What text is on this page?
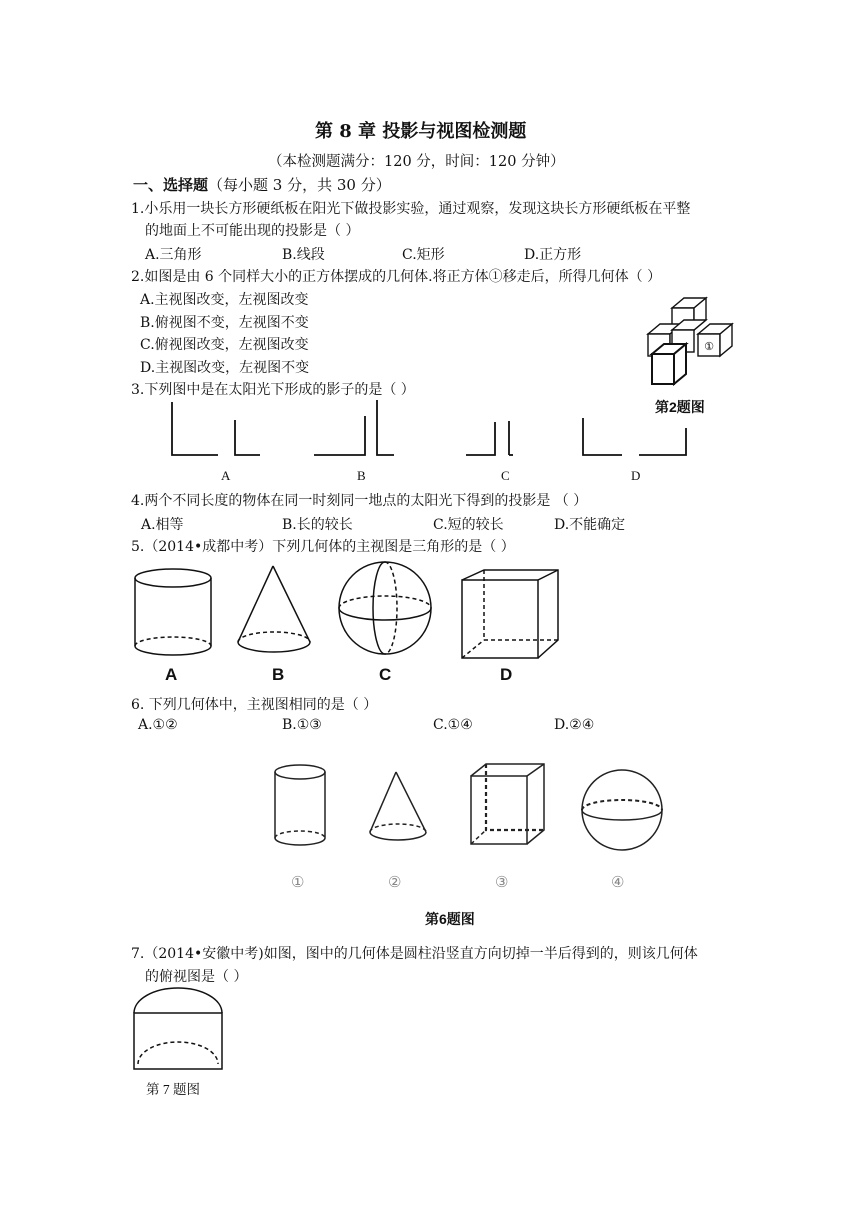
第 8 章 投影与视图检测题
（本检测题满分：120 分，时间：120 分钟）
一、选择题（每小题 3 分，共 30 分）
1.小乐用一块长方形硬纸板在阳光下做投影实验，通过观察，发现这块长方形硬纸板在平整
的地面上不可能出现的投影是（ ）
A.三角形	B.线段	C.矩形	D.正方形
2.如图是由 6 个同样大小的正方体摆成的几何体.将正方体①移走后，所得几何体（ ）
A.主视图改变，左视图改变
B.俯视图不变，左视图不变
C.俯视图改变，左视图改变
D.主视图改变，左视图不变
①
第2题图
3.下列图中是在太阳光下形成的影子的是（ ）
A	B	C	D
4.两个不同长度的物体在同一时刻同一地点的太阳光下得到的投影是 （ ）
A.相等	B.长的较长	C.短的较长	D.不能确定
5.（2014•成都中考）下列几何体的主视图是三角形的是（ ）
A	B	C	D
6. 下列几何体中，主视图相同的是（ ）
A.①②	B.①③	C.①④	D.②④
①	②	③	④
第6题图
7.（2014•安徽中考)如图，图中的几何体是圆柱沿竖直方向切掉一半后得到的，则该几何体
的俯视图是（ ）
第 7 题图
